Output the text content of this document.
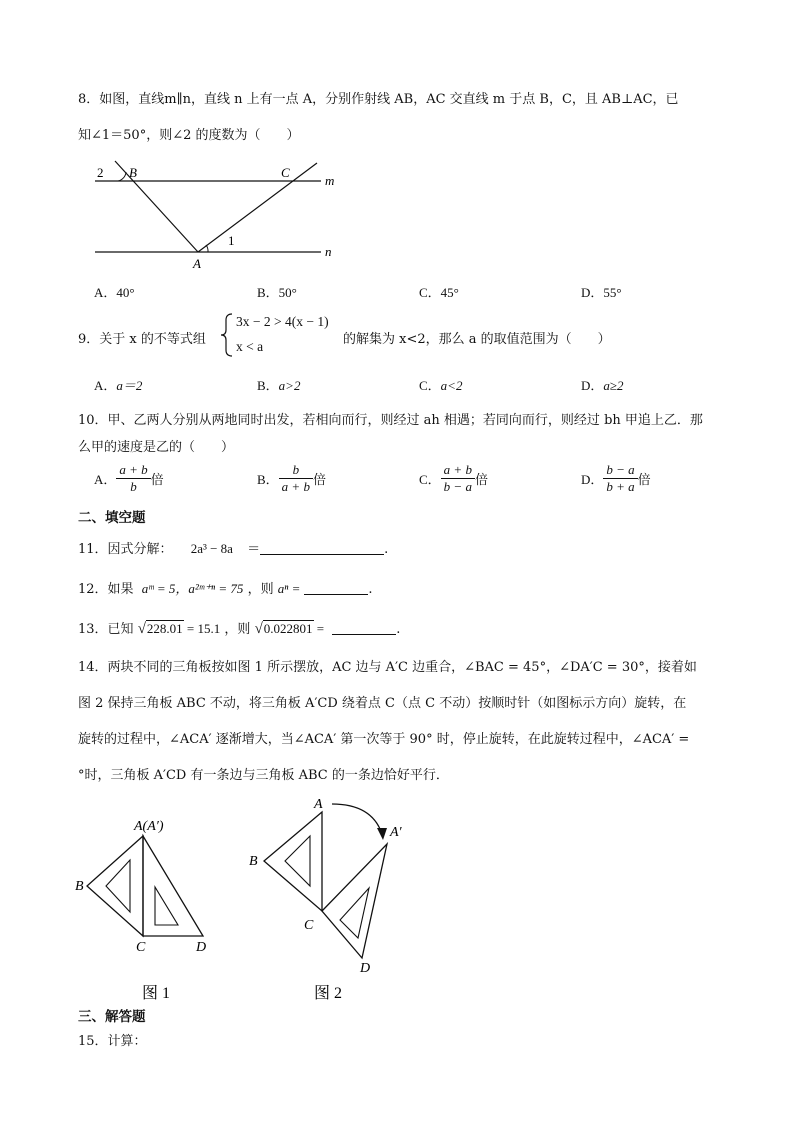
8．如图，直线m∥n，直线 n 上有一点 A，分别作射线 AB，AC 交直线 m 于点 B，C，且 AB⊥AC，已
知∠1＝50°，则∠2 的度数为（　　）
2 B	C
m
1
A
n
A．40°	B．50°	C．45°	D．55°
9．关于 x 的不等式组
3x − 2 > 4(x − 1)
x < a	的解集为 x<2，那么 a 的取值范围为（　　）
A．a＝2	B．a>2	C．a<2	D．a≥2
10．甲、乙两人分别从两地同时出发，若相向而行，则经过 ah 相遇；若同向而行，则经过 bh 甲追上乙．那
么甲的速度是乙的（　　）
A． $\frac{a + b}{b}$ 倍	B． $\frac{b}{a + b}$ 倍	C． $\frac{a + b}{b - a}$ 倍	D． $\frac{b - a}{b + a}$ 倍
二、填空题
11．因式分解： 2a³ − 8a ＝	.
12．如果 aᵐ = 5，a²ᵐ⁺ⁿ = 75 ，则 aⁿ =	.
13．已知 √228.01 = 15.1 ，则 √0.022801 =	.
14．两块不同的三角板按如图 1 所示摆放，AC 边与 A′C 边重合，∠BAC = 45°，∠DA′C = 30°，接着如
图 2 保持三角板 ABC 不动，将三角板 A′CD 绕着点 C（点 C 不动）按顺时针（如图标示方向）旋转，在
旋转的过程中，∠ACA′ 逐渐增大，当∠ACA′ 第一次等于 90° 时，停止旋转，在此旋转过程中，∠ACA′ =
°时，三角板 A′CD 有一条边与三角板 ABC 的一条边恰好平行．
A(A′)
B
C	D
图 1
A
A′
B
C
D
图 2
三、解答题
15．计算：
